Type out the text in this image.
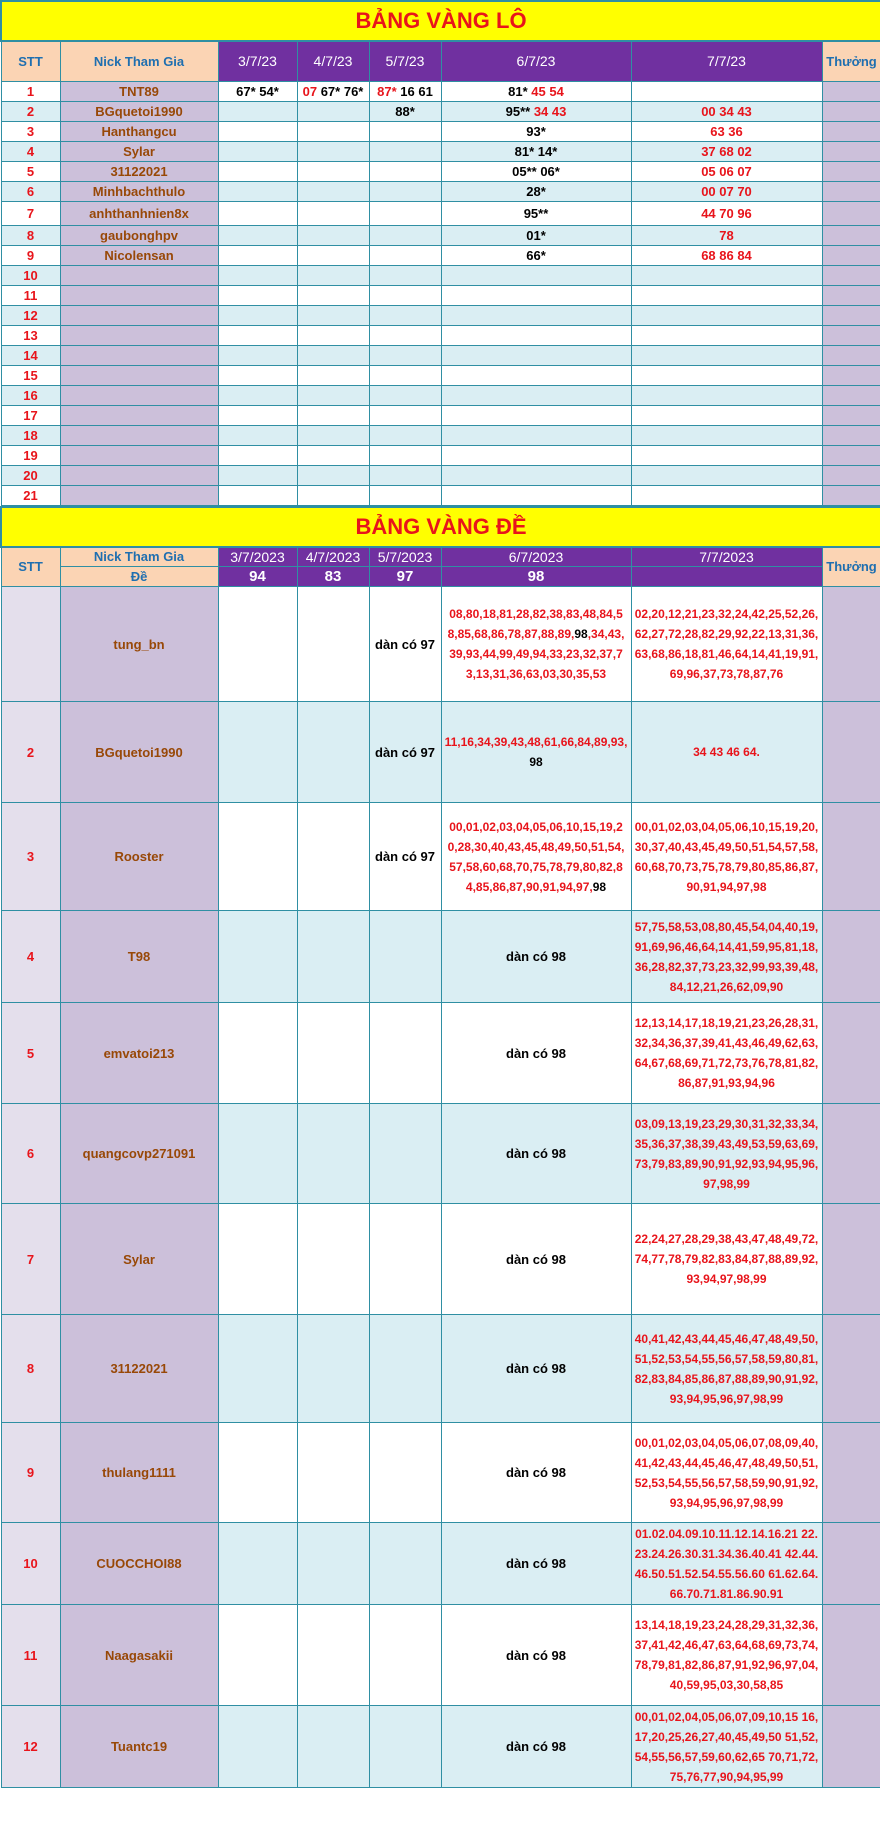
BẢNG VÀNG LÔ							
STT	Nick Tham Gia	3/7/23	4/7/23	5/7/23	6/7/23	7/7/23	Thưởng
1	TNT89	67* 54*	07 67* 76*	87* 16 61	81* 45 54		
2	BGquetoi1990			88*	95** 34 43	00 34 43	
3	Hanthangcu				93*	63 36	
4	Sylar				81* 14*	37 68 02	
5	31122021				05** 06*	05 06 07	
6	Minhbachthulo				28*	00 07 70	
7	anhthanhnien8x				95**	44 70 96	
8	gaubonghpv				01*	78	
9	Nicolensan				66*	68 86 84	
10							
11							
12							
13							
14							
15							
16							
17							
18							
19							
20							
21							
BẢNG VÀNG ĐỀ							
STT	Nick Tham Gia	3/7/2023	4/7/2023	5/7/2023	6/7/2023	7/7/2023	Thưởng
	Đề	94	83	97	98		
	tung_bn			dàn có 97	08,80,18,81,28,82,38,83,48,84,58,85,68,86,78,87,88,89,98,34,43,39,93,44,99,49,94,33,23,32,37,73,13,31,36,63,03,30,35,53	02,20,12,21,23,32,24,42,25,52,26,62,27,72,28,82,29,92,22,13,31,36,63,68,86,18,81,46,64,14,41,19,91,69,96,37,73,78,87,76	
2	BGquetoi1990			dàn có 97	11,16,34,39,43,48,61,66,84,89,93,98	34 43 46 64.	
3	Rooster			dàn có 97	00,01,02,03,04,05,06,10,15,19,20,28,30,40,43,45,48,49,50,51,54,57,58,60,68,70,75,78,79,80,82,84,85,86,87,90,91,94,97,98	00,01,02,03,04,05,06,10,15,19,20,30,37,40,43,45,49,50,51,54,57,58,60,68,70,73,75,78,79,80,85,86,87,90,91,94,97,98	
4	T98				dàn có 98	57,75,58,53,08,80,45,54,04,40,19,91,69,96,46,64,14,41,59,95,81,18,36,28,82,37,73,23,32,99,93,39,48,84,12,21,26,62,09,90	
5	emvatoi213				dàn có 98	12,13,14,17,18,19,21,23,26,28,31,32,34,36,37,39,41,43,46,49,62,63,64,67,68,69,71,72,73,76,78,81,82,86,87,91,93,94,96	
6	quangcovp271091				dàn có 98	03,09,13,19,23,29,30,31,32,33,34,35,36,37,38,39,43,49,53,59,63,69,73,79,83,89,90,91,92,93,94,95,96,97,98,99	
7	Sylar				dàn có 98	22,24,27,28,29,38,43,47,48,49,72,74,77,78,79,82,83,84,87,88,89,92,93,94,97,98,99	
8	31122021				dàn có 98	40,41,42,43,44,45,46,47,48,49,50,51,52,53,54,55,56,57,58,59,80,81,82,83,84,85,86,87,88,89,90,91,92,93,94,95,96,97,98,99	
9	thulang1111				dàn có 98	00,01,02,03,04,05,06,07,08,09,40,41,42,43,44,45,46,47,48,49,50,51,52,53,54,55,56,57,58,59,90,91,92,93,94,95,96,97,98,99	
10	CUOCCHOI88				dàn có 98	01.02.04.09.10.11.12.14.16.21 22.23.24.26.30.31.34.36.40.41 42.44.46.50.51.52.54.55.56.60 61.62.64.66.70.71.81.86.90.91	
11	Naagasakii				dàn có 98	13,14,18,19,23,24,28,29,31,32,36,37,41,42,46,47,63,64,68,69,73,74,78,79,81,82,86,87,91,92,96,97,04,40,59,95,03,30,58,85	
12	Tuantc19				dàn có 98	00,01,02,04,05,06,07,09,10,15 16,17,20,25,26,27,40,45,49,50 51,52,54,55,56,57,59,60,62,65 70,71,72,75,76,77,90,94,95,99	
